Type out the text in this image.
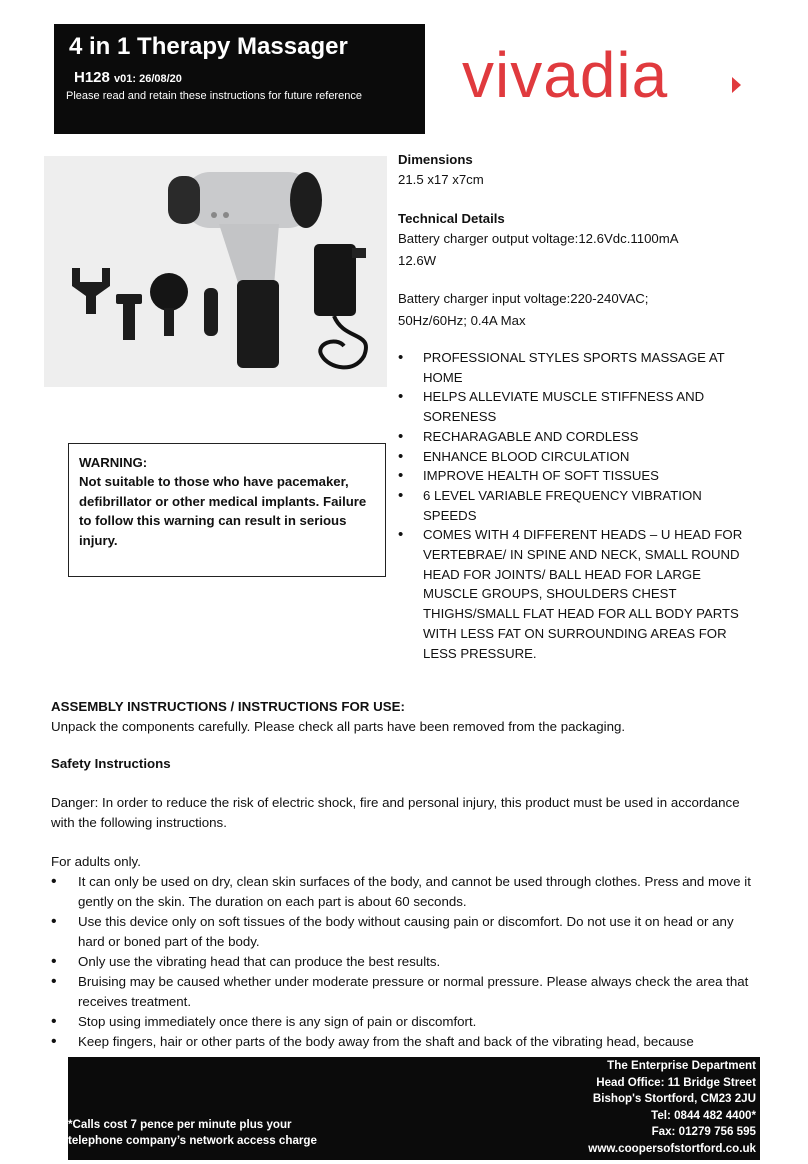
4 in 1 Therapy Massager
H128 v01: 26/08/20
Please read and retain these instructions for future reference vivadia
WARNING:
Not suitable to those who have pacemaker, defibrillator or other medical implants. Failure to follow this warning can result in serious injury.
Dimensions
21.5 x17 x7cm
Technical Details
Battery charger output voltage:12.6Vdc.1100mA
12.6W
Battery charger input voltage:220-240VAC;
50Hz/60Hz; 0.4A Max
• PROFESSIONAL STYLES SPORTS MASSAGE AT HOME
• HELPS ALLEVIATE MUSCLE STIFFNESS AND SORENESS
• RECHARAGABLE AND CORDLESS
• ENHANCE BLOOD CIRCULATION
• IMPROVE HEALTH OF SOFT TISSUES
• 6 LEVEL VARIABLE FREQUENCY VIBRATION SPEEDS
• COMES WITH 4 DIFFERENT HEADS – U HEAD FOR VERTEBRAE/ IN SPINE AND NECK, SMALL ROUND HEAD FOR JOINTS/ BALL HEAD FOR LARGE MUSCLE GROUPS, SHOULDERS CHEST THIGHS/SMALL FLAT HEAD FOR ALL BODY PARTS WITH LESS FAT ON SURROUNDING AREAS FOR LESS PRESSURE.
ASSEMBLY INSTRUCTIONS / INSTRUCTIONS FOR USE:
Unpack the components carefully. Please check all parts have been removed from the packaging.
Safety Instructions
Danger: In order to reduce the risk of electric shock, fire and personal injury, this product must be used in accordance with the following instructions.
For adults only.
• It can only be used on dry, clean skin surfaces of the body, and cannot be used through clothes. Press and move it gently on the skin. The duration on each part is about 60 seconds.
• Use this device only on soft tissues of the body without causing pain or discomfort. Do not use it on head or any hard or boned part of the body.
• Only use the vibrating head that can produce the best results.
• Bruising may be caused whether under moderate pressure or normal pressure. Please always check the area that receives treatment.
• Stop using immediately once there is any sign of pain or discomfort.
• Keep fingers, hair or other parts of the body away from the shaft and back of the vibrating head, because
*Calls cost 7 pence per minute plus your
telephone company’s network access charge
The Enterprise Department
Head Office: 11 Bridge Street
Bishop's Stortford, CM23 2JU
Tel: 0844 482 4400*
Fax: 01279 756 595
www.coopersofstortford.co.uk
